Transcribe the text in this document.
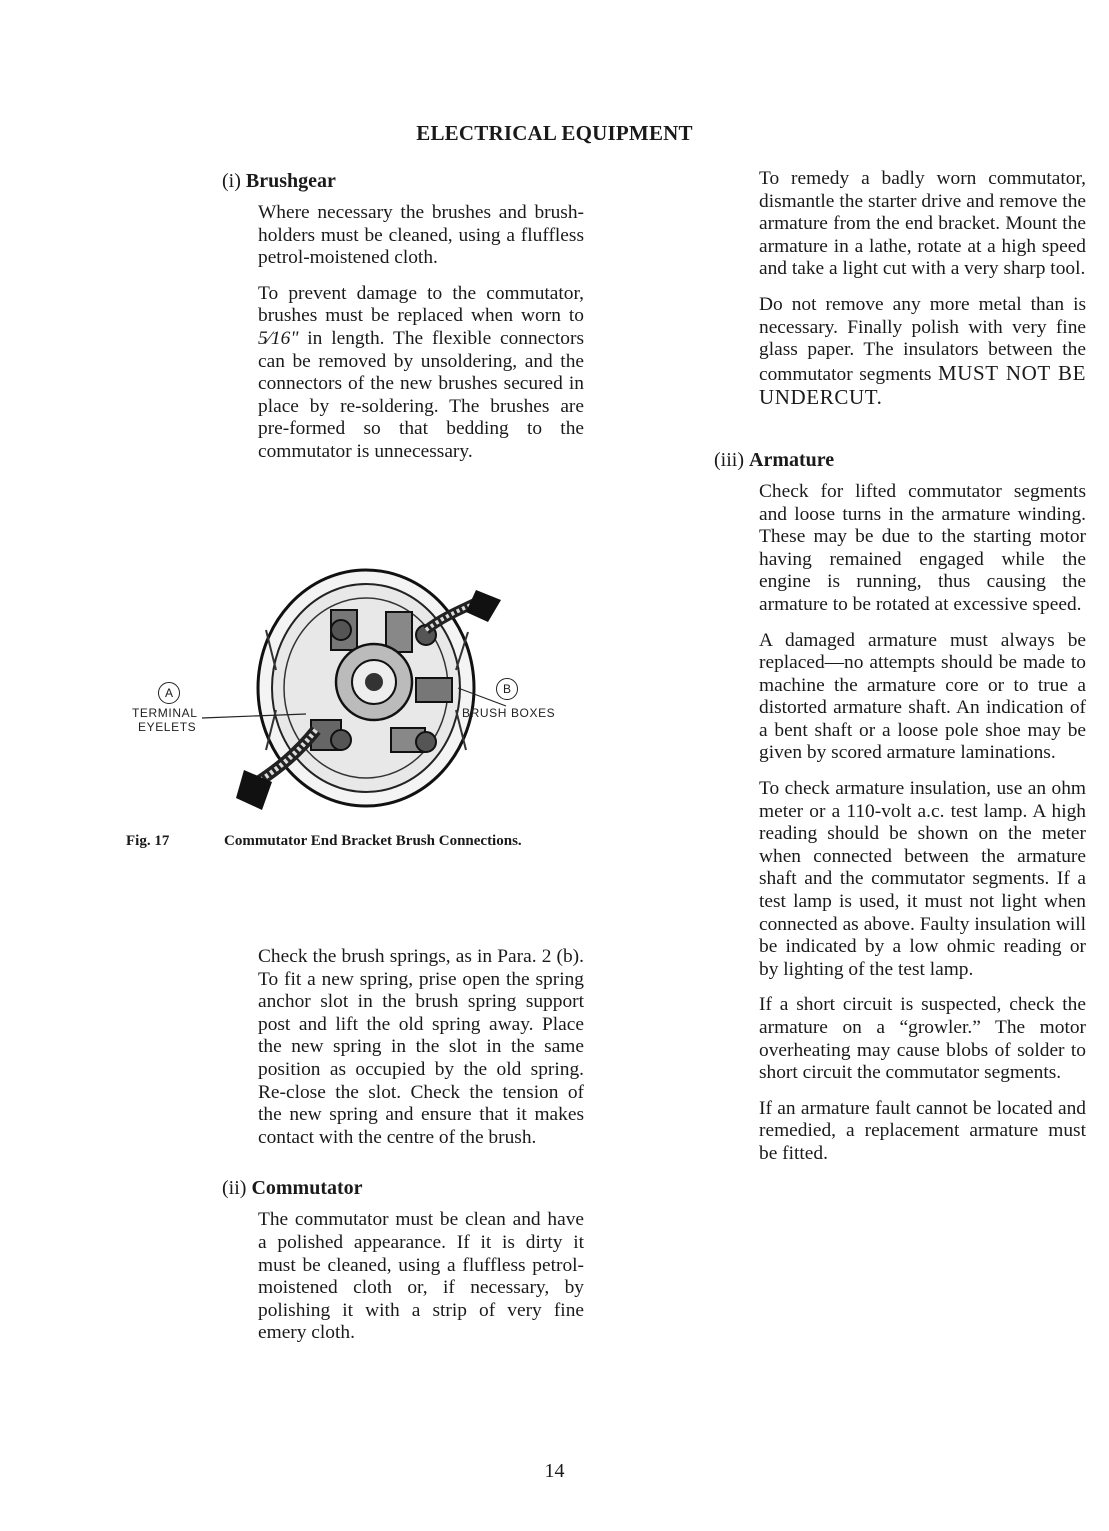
ELECTRICAL EQUIPMENT
(i) Brushgear
Where necessary the brushes and brush-holders must be cleaned, using a fluffless petrol-moistened cloth.
To prevent damage to the commutator, brushes must be replaced when worn to 5⁄16" in length. The flexible connectors can be removed by unsoldering, and the connectors of the new brushes secured in place by re-soldering. The brushes are pre-formed so that bedding to the commutator is unnecessary.
A
TERMINAL
EYELETS
B
BRUSH BOXES
Fig. 17	Commutator End Bracket Brush Connections.
Check the brush springs, as in Para. 2 (b). To fit a new spring, prise open the spring anchor slot in the brush spring support post and lift the old spring away. Place the new spring in the slot in the same position as occupied by the old spring. Re-close the slot. Check the tension of the new spring and ensure that it makes contact with the centre of the brush.
(ii) Commutator
The commutator must be clean and have a polished appearance. If it is dirty it must be cleaned, using a fluffless petrol-moistened cloth or, if necessary, by polishing it with a strip of very fine emery cloth.
To remedy a badly worn commutator, dismantle the starter drive and remove the armature from the end bracket. Mount the armature in a lathe, rotate at a high speed and take a light cut with a very sharp tool.
Do not remove any more metal than is necessary. Finally polish with very fine glass paper. The insulators between the commutator segments MUST NOT BE UNDERCUT.
(iii) Armature
Check for lifted commutator segments and loose turns in the armature winding. These may be due to the starting motor having remained engaged while the engine is running, thus causing the armature to be rotated at excessive speed.
A damaged armature must always be replaced—no attempts should be made to machine the armature core or to true a distorted armature shaft. An indication of a bent shaft or a loose pole shoe may be given by scored armature laminations.
To check armature insulation, use an ohm meter or a 110-volt a.c. test lamp. A high reading should be shown on the meter when connected between the armature shaft and the commutator segments. If a test lamp is used, it must not light when connected as above. Faulty insulation will be indicated by a low ohmic reading or by lighting of the test lamp.
If a short circuit is suspected, check the armature on a “growler.” The motor overheating may cause blobs of solder to short circuit the commutator segments.
If an armature fault cannot be located and remedied, a replacement armature must be fitted.
14
